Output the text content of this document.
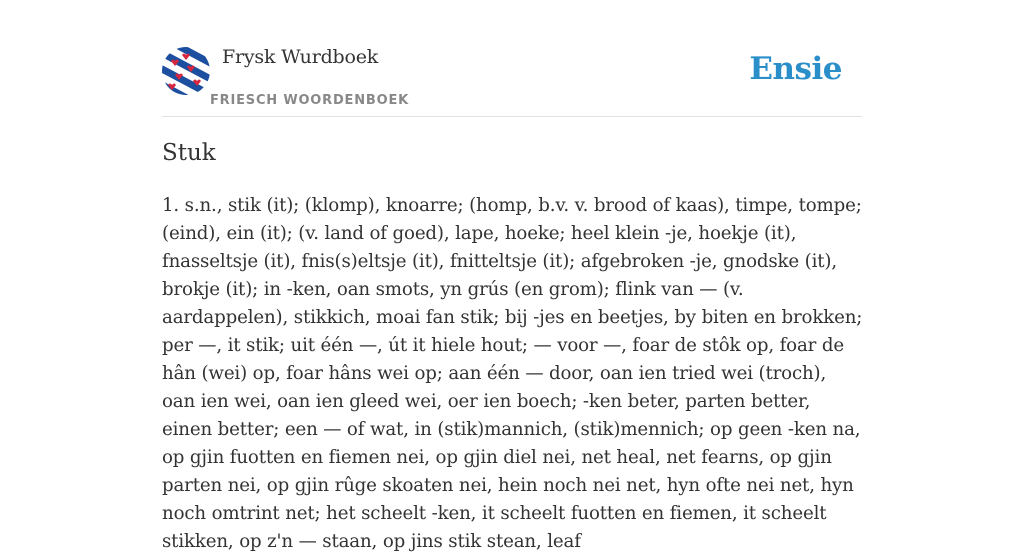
Frysk Wurdboek
FRIESCH WOORDENBOEK
Ensie
Stuk

1. s.n., stik (it); (klomp), knoarre; (homp, b.v. v. brood of kaas), timpe, tompe; (eind), ein (it); (v. land of goed), lape, hoeke; heel klein -je, hoekje (it), fnasseltsje (it), fnis(s)eltsje (it), fnitteltsje (it); afgebroken -je, gnodske (it), brokje (it); in -ken, oan smots, yn grús (en grom); flink van — (v. aardappelen), stikkich, moai fan stik; bij -jes en beetjes, by biten en brokken; per —, it stik; uit één —, út it hiele hout; — voor —, foar de stôk op, foar de hân (wei) op, foar hâns wei op; aan één — door, oan ien tried wei (troch), oan ien wei, oan ien gleed wei, oer ien boech; -ken beter, parten better, einen better; een — of wat, in (stik)mannich, (stik)mennich; op geen -ken na, op gjin fuotten en fiemen nei, op gjin diel nei, net heal, net fearns, op gjin parten nei, op gjin rûge skoaten nei, hein noch nei net, hyn ofte nei net, hyn noch omtrint net; het scheelt -ken, it scheelt fuotten en fiemen, it scheelt stikken, op z'n — staan, op jins stik stean, leaf
